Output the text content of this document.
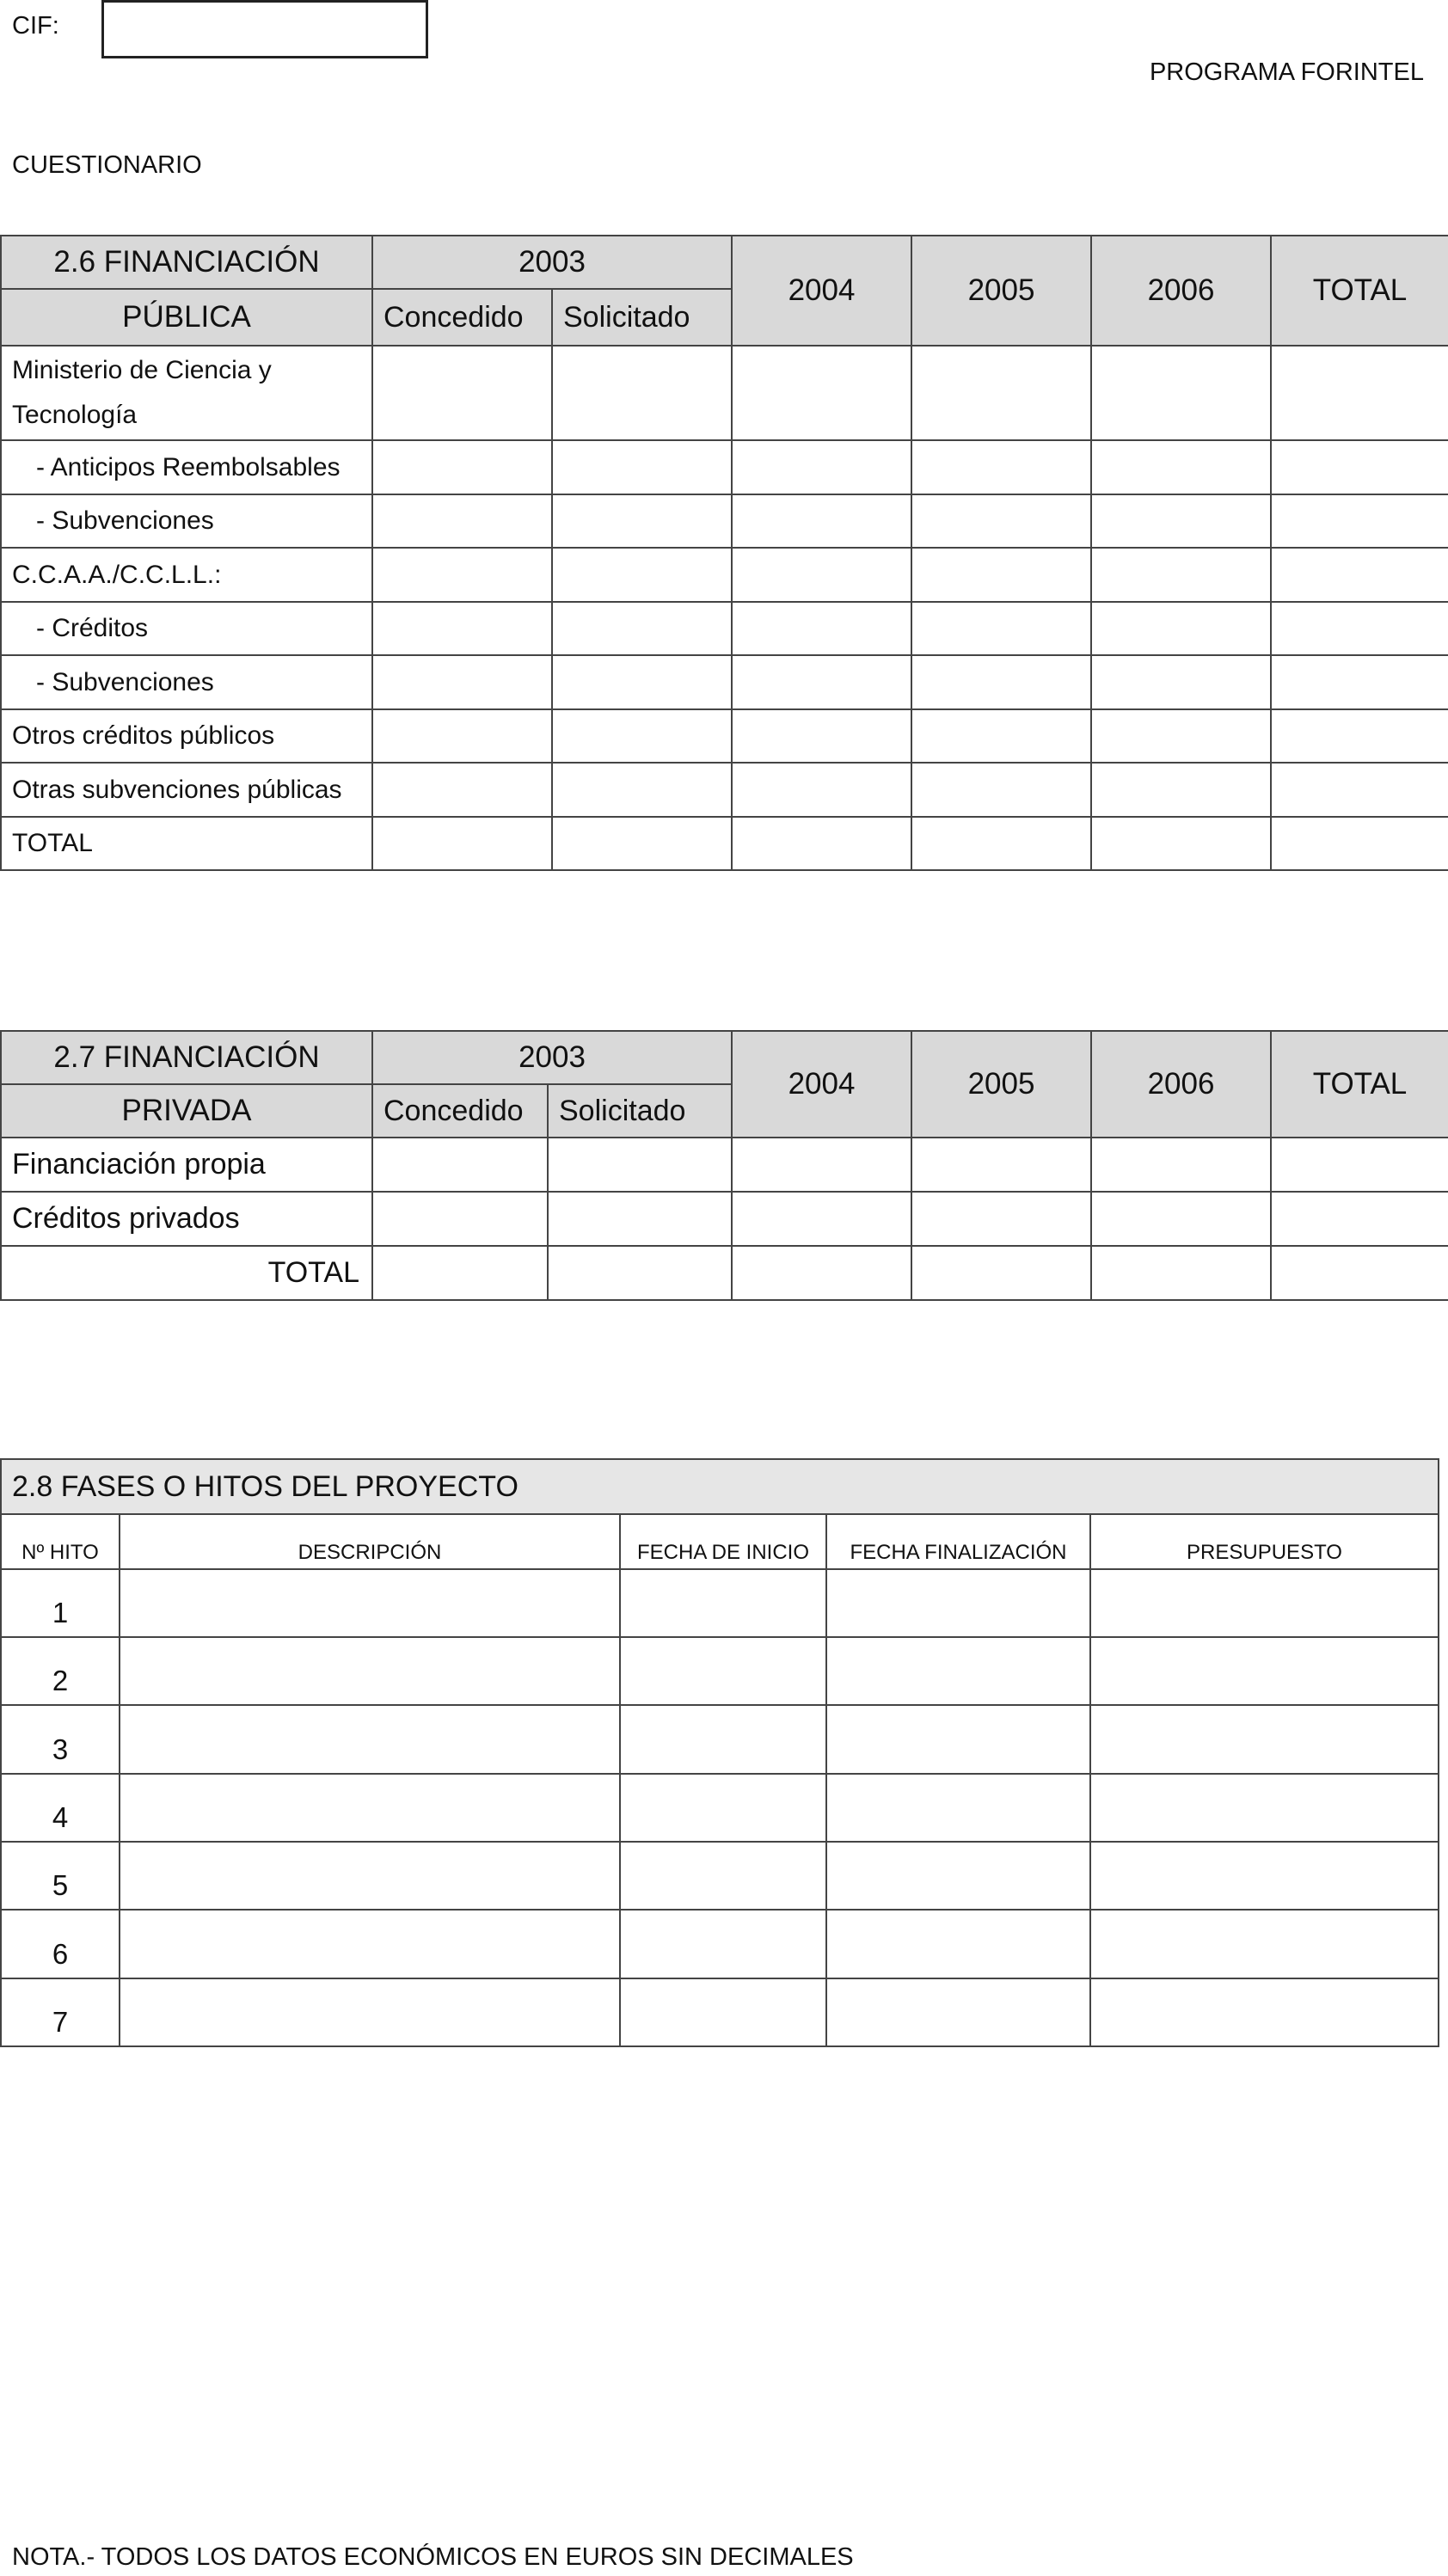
CIF:
PROGRAMA FORINTEL
CUESTIONARIO
2.6 FINANCIACIÓN	2003		2004	2005	2006	TOTAL
PÚBLICA	Concedido	Solicitado				

Ministerio de Ciencia y
Tecnología						

- Anticipos Reembolsables						
- Subvenciones						
C.C.A.A./C.C.L.L.:						
- Créditos						
- Subvenciones						
Otros créditos públicos						
Otras subvenciones públicas						
TOTAL						
2.7 FINANCIACIÓN	2003		2004	2005	2006	TOTAL
PRIVADA	Concedido	Solicitado				
Financiación propia						
Créditos privados						
TOTAL						
2.8 FASES O HITOS DEL PROYECTO				
Nº HITO	DESCRIPCIÓN	FECHA DE INICIO	FECHA FINALIZACIÓN	PRESUPUESTO
1				
2				
3				
4				
5				
6				
7				
NOTA.- TODOS LOS DATOS ECONÓMICOS EN EUROS SIN DECIMALES
